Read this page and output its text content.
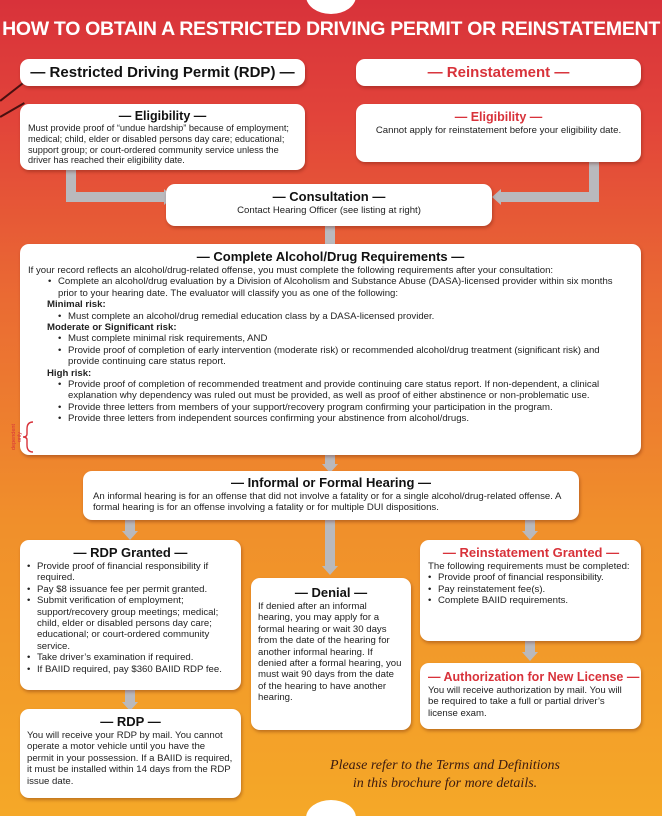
HOW TO OBTAIN A RESTRICTED DRIVING PERMIT OR REINSTATEMENT
— Restricted Driving Permit (RDP) —	— Reinstatement —
— Eligibility —
Must provide proof of “undue hardship” because of employment; medical; child, elder or disabled persons day care; educational; support group; or court-ordered community service unless the driver has reached their eligibility date.
— Eligibility —
Cannot apply for reinstatement before your eligibility date.
— Consultation —
Contact Hearing Officer (see listing at right)
— Complete Alcohol/Drug Requirements —
If your record reflects an alcohol/drug-related offense, you must complete the following requirements after your consultation:
• Complete an alcohol/drug evaluation by a Division of Alcoholism and Substance Abuse (DASA)-licensed provider within six months prior to your hearing date. The evaluator will classify you as one of the following:
Minimal risk:
• Must complete an alcohol/drug remedial education class by a DASA-licensed provider.
Moderate or Significant risk:
• Must complete minimal risk requirements, AND
• Provide proof of completion of early intervention (moderate risk) or recommended alcohol/drug treatment (significant risk) and provide continuing care status report.
High risk:
• Provide proof of completion of recommended treatment and provide continuing care status report. If non-dependent, a clinical explanation why dependency was ruled out must be provided, as well as proof of either abstinence or non-problematic use.
• Provide three letters from members of your support/recovery program confirming your participation in the program.
• Provide three letters from independent sources confirming your abstinence from alcohol/drugs.
dependent only
— Informal or Formal Hearing —
An informal hearing is for an offense that did not involve a fatality or for a single alcohol/drug-related offense. A formal hearing is for an offense involving a fatality or for multiple DUI dispositions.
— RDP Granted —
• Provide proof of financial responsibility if required.
• Pay $8 issuance fee per permit granted.
• Submit verification of employment; support/recovery group meetings; medical; child, elder or disabled persons day care; educational; or court-ordered community service.
• Take driver’s examination if required.
• If BAIID required, pay $360 BAIID RDP fee.
— Denial —
If denied after an informal hearing, you may apply for a formal hearing or wait 30 days from the date of the hearing for another informal hearing. If denied after a formal hearing, you must wait 90 days from the date of the hearing to have another hearing.
— Reinstatement Granted —
The following requirements must be completed:
• Provide proof of financial responsibility.
• Pay reinstatement fee(s).
• Complete BAIID requirements.
— Authorization for New License —
You will receive authorization by mail. You will be required to take a full or partial driver’s license exam.
— RDP —
You will receive your RDP by mail. You cannot operate a motor vehicle until you have the permit in your possession. If a BAIID is required, it must be installed within 14 days from the RDP issue date.
Please refer to the Terms and Definitions
in this brochure for more details.
